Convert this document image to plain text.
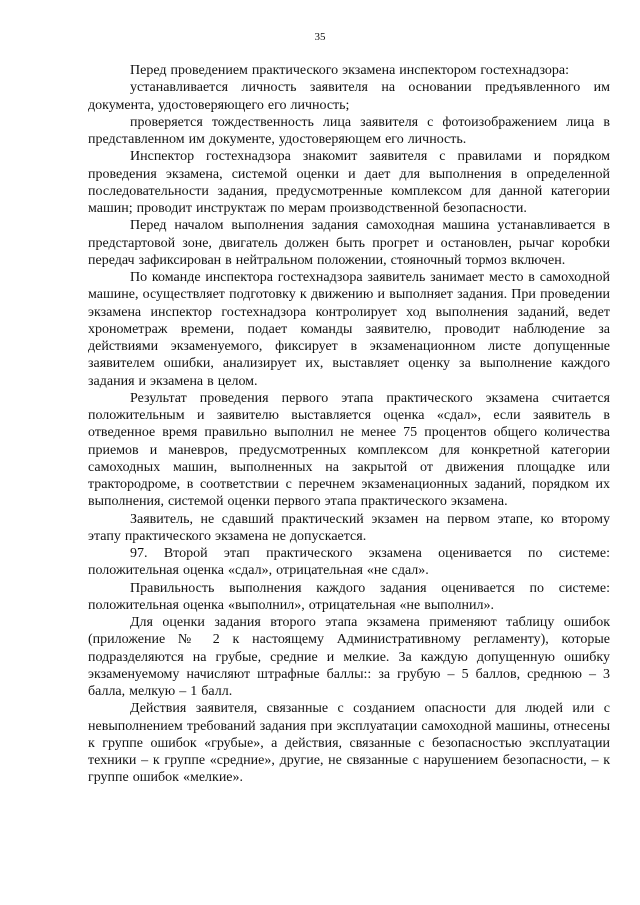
35

Перед проведением практического экзамена инспектором гостехнадзора:

устанавливается личность заявителя на основании предъявленного им документа, удостоверяющего его личность;

проверяется тождественность лица заявителя с фотоизображением лица в представленном им документе, удостоверяющем его личность.

Инспектор гостехнадзора знакомит заявителя с правилами и порядком проведения экзамена, системой оценки и дает для выполнения в определенной последовательности задания, предусмотренные комплексом для данной категории машин; проводит инструктаж по мерам производственной безопасности.

Перед началом выполнения задания самоходная машина устанавливается в предстартовой зоне, двигатель должен быть прогрет и остановлен, рычаг коробки передач зафиксирован в нейтральном положении, стояночный тормоз включен.

По команде инспектора гостехнадзора заявитель занимает место в самоходной машине, осуществляет подготовку к движению и выполняет задания. При проведении экзамена инспектор гостехнадзора контролирует ход выполнения заданий, ведет хронометраж времени, подает команды заявителю, проводит наблюдение за действиями экзаменуемого, фиксирует в экзаменационном листе допущенные заявителем ошибки, анализирует их, выставляет оценку за выполнение каждого задания и экзамена в целом.

Результат проведения первого этапа практического экзамена считается положительным и заявителю выставляется оценка «сдал», если заявитель в отведенное время правильно выполнил не менее 75 процентов общего количества приемов и маневров, предусмотренных комплексом для конкретной категории самоходных машин, выполненных на закрытой от движения площадке или трактородроме, в соответствии с перечнем экзаменационных заданий, порядком их выполнения, системой оценки первого этапа практического экзамена.

Заявитель, не сдавший практический экзамен на первом этапе, ко второму этапу практического экзамена не допускается.

97. Второй этап практического экзамена оценивается по системе: положительная оценка «сдал», отрицательная «не сдал».

Правильность выполнения каждого задания оценивается по системе: положительная оценка «выполнил», отрицательная «не выполнил».

Для оценки задания второго этапа экзамена применяют таблицу ошибок (приложение № 2 к настоящему Административному регламенту), которые подразделяются на грубые, средние и мелкие. За каждую допущенную ошибку экзаменуемому начисляют штрафные баллы:: за грубую – 5 баллов, среднюю – 3 балла, мелкую – 1 балл.

Действия заявителя, связанные с созданием опасности для людей или с невыполнением требований задания при эксплуатации самоходной машины, отнесены к группе ошибок «грубые», а действия, связанные с безопасностью эксплуатации техники – к группе «средние», другие, не связанные с нарушением безопасности, – к группе ошибок «мелкие».
